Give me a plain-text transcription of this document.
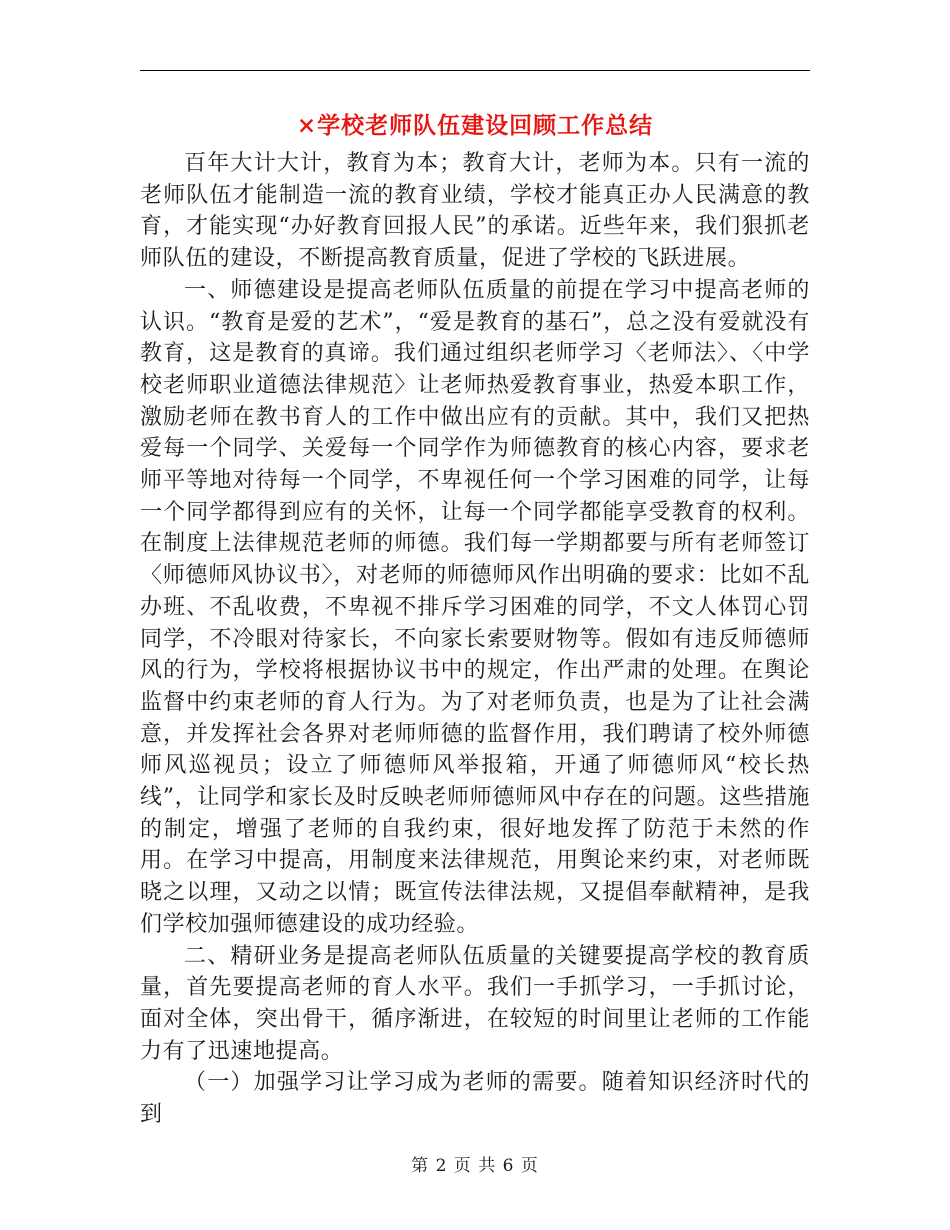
×学校老师队伍建设回顾工作总结

百年大计大计，教育为本；教育大计，老师为本。只有一流的老师队伍才能制造一流的教育业绩，学校才能真正办人民满意的教育，才能实现“办好教育回报人民”的承诺。近些年来，我们狠抓老师队伍的建设，不断提高教育质量，促进了学校的飞跃进展。

一、师德建设是提高老师队伍质量的前提在学习中提高老师的认识。“教育是爱的艺术”，“爱是教育的基石”，总之没有爱就没有教育，这是教育的真谛。我们通过组织老师学习〈老师法〉、〈中学校老师职业道德法律规范〉让老师热爱教育事业，热爱本职工作，激励老师在教书育人的工作中做出应有的贡献。其中，我们又把热爱每一个同学、关爱每一个同学作为师德教育的核心内容，要求老师平等地对待每一个同学，不卑视任何一个学习困难的同学，让每一个同学都得到应有的关怀，让每一个同学都能享受教育的权利。在制度上法律规范老师的师德。我们每一学期都要与所有老师签订〈师德师风协议书〉，对老师的师德师风作出明确的要求：比如不乱办班、不乱收费，不卑视不排斥学习困难的同学，不文人体罚心罚同学，不冷眼对待家长，不向家长索要财物等。假如有违反师德师风的行为，学校将根据协议书中的规定，作出严肃的处理。在舆论监督中约束老师的育人行为。为了对老师负责，也是为了让社会满意，并发挥社会各界对老师师德的监督作用，我们聘请了校外师德师风巡视员；设立了师德师风举报箱，开通了师德师风“校长热线”，让同学和家长及时反映老师师德师风中存在的问题。这些措施的制定，增强了老师的自我约束，很好地发挥了防范于未然的作用。在学习中提高，用制度来法律规范，用舆论来约束，对老师既晓之以理，又动之以情；既宣传法律法规，又提倡奉献精神，是我们学校加强师德建设的成功经验。

二、精研业务是提高老师队伍质量的关键要提高学校的教育质量，首先要提高老师的育人水平。我们一手抓学习，一手抓讨论，面对全体，突出骨干，循序渐进，在较短的时间里让老师的工作能力有了迅速地提高。

（一）加强学习让学习成为老师的需要。随着知识经济时代的到

第 2 页 共 6 页
